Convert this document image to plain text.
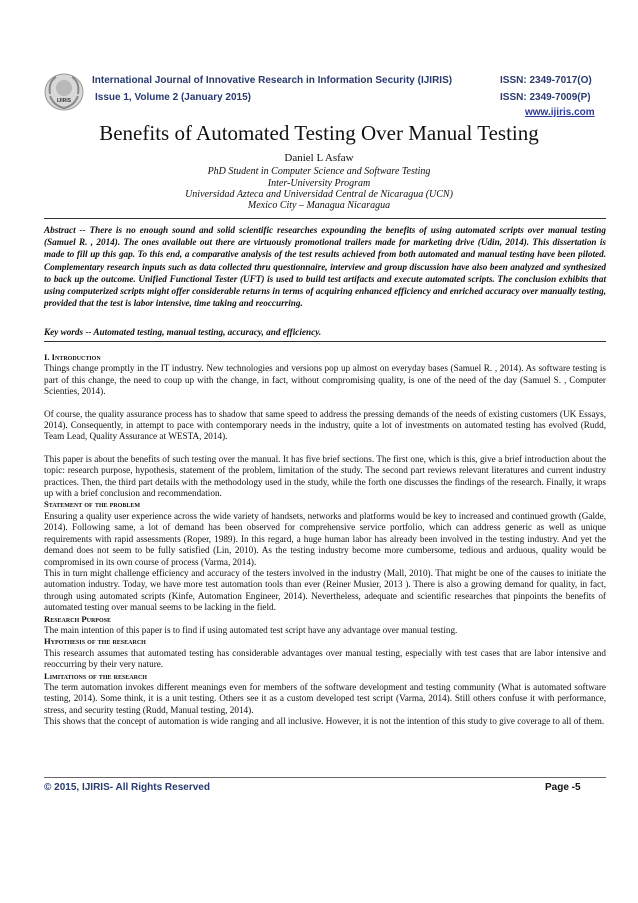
IJIRIS
International Journal of Innovative Research in Information Security (IJIRIS)
Issue 1, Volume 2 (January 2015)
ISSN: 2349-7017(O)
ISSN: 2349-7009(P)
www.ijiris.com
Benefits of Automated Testing Over Manual Testing
Daniel L Asfaw
PhD Student in Computer Science and Software Testing
Inter-University Program
Universidad Azteca and Universidad Central de Nicaragua (UCN)
Mexico City – Managua Nicaragua
Abstract -- There is no enough sound and solid scientific researches expounding the benefits of using automated scripts over manual testing (Samuel R. , 2014). The ones available out there are virtuously promotional trailers made for marketing drive (Udin, 2014). This dissertation is made to fill up this gap. To this end, a comparative analysis of the test results achieved from both automated and manual testing have been piloted. Complementary research inputs such as data collected thru questionnaire, interview and group discussion have also been analyzed and synthesized to back up the outcome. Unified Functional Tester (UFT) is used to build test artifacts and execute automated scripts. The conclusion exhibits that using computerized scripts might offer considerable returns in terms of acquiring enhanced efficiency and enriched accuracy over manually testing, provided that the test is labor intensive, time taking and reoccurring.
Key words -- Automated testing, manual testing, accuracy, and efficiency.
I. Introduction

Things change promptly in the IT industry. New technologies and versions pop up almost on everyday bases (Samuel R. , 2014). As software testing is part of this change, the need to coup up with the change, in fact, without compromising quality, is one of the need of the day (Samuel S. , Computer Scienties, 2014).

Of course, the quality assurance process has to shadow that same speed to address the pressing demands of the needs of existing customers (UK Essays, 2014). Consequently, in attempt to pace with contemporary needs in the industry, quite a lot of investments on automated testing has evolved (Rudd, Team Lead, Quality Assurance at WESTA, 2014).

This paper is about the benefits of such testing over the manual. It has five brief sections. The first one, which is this, give a brief introduction about the topic: research purpose, hypothesis, statement of the problem, limitation of the study. The second part reviews relevant literatures and current industry practices. Then, the third part details with the methodology used in the study, while the forth one discusses the findings of the research. Finally, it wraps up with a brief conclusion and recommendation.

Statement of the problem

Ensuring a quality user experience across the wide variety of handsets, networks and platforms would be key to increased and continued growth (Galde, 2014). Following same, a lot of demand has been observed for comprehensive service portfolio, which can address generic as well as unique requirements with rapid assessments (Roper, 1989). In this regard, a huge human labor has already been involved in the testing industry. And yet the demand does not seem to be fully satisfied (Lin, 2010). As the testing industry become more cumbersome, tedious and arduous, quality would be compromised in its own course of process (Varma, 2014).

This in turn might challenge efficiency and accuracy of the testers involved in the industry (Mall, 2010). That might be one of the causes to initiate the automation industry. Today, we have more test automation tools than ever (Reiner Musier, 2013 ). There is also a growing demand for quality, in fact, through using automated scripts (Kinfe, Automation Engineer, 2014). Nevertheless, adequate and scientific researches that pinpoints the benefits of automated testing over manual seems to be lacking in the field.

Research Purpose

The main intention of this paper is to find if using automated test script have any advantage over manual testing.

Hypothesis of the research

This research assumes that automated testing has considerable advantages over manual testing, especially with test cases that are labor intensive and reoccurring by their very nature.

Limitations of the research

The term automation invokes different meanings even for members of the software development and testing community (What is automated software testing, 2014). Some think, it is a unit testing. Others see it as a custom developed test script (Varma, 2014). Still others confuse it with performance, stress, and security testing (Rudd, Manual testing, 2014).

This shows that the concept of automation is wide ranging and all inclusive. However, it is not the intention of this study to give coverage to all of them.

© 2015, IJIRIS- All Rights Reserved	Page -5
